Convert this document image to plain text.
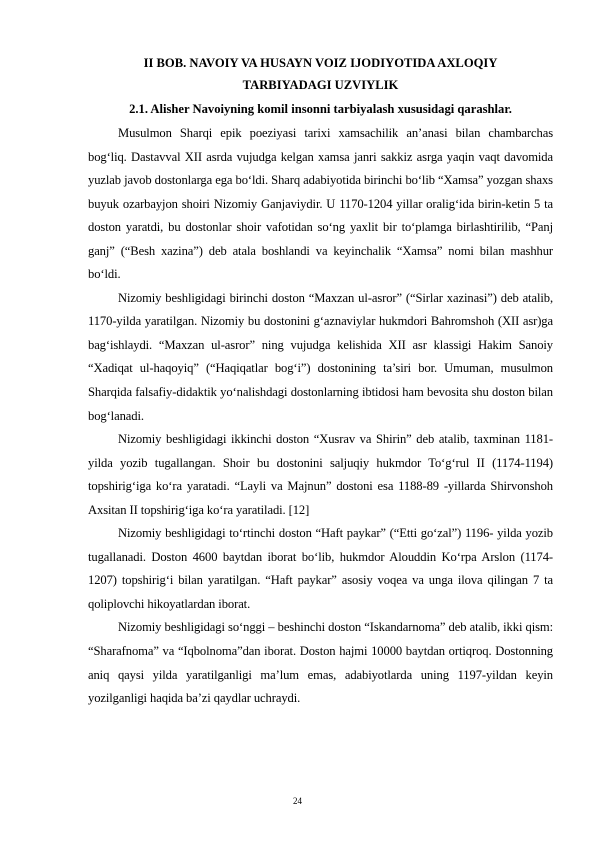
II BOB. NAVOIY VA HUSAYN VOIZ IJODIYOTIDA AXLOQIY
TARBIYADAGI UZVIYLIK
2.1. Alisher Navoiyning komil insonni tarbiyalash xususidagi qarashlar.

Musulmon Sharqi epik poeziyasi tarixi xamsachilik an’anasi bilan chambarchas bog‘liq. Dastavval XII asrda vujudga kelgan xamsa janri sakkiz asrga yaqin vaqt davomida yuzlab javob dostonlarga ega bo‘ldi. Sharq adabiyotida birinchi bo‘lib “Xamsa” yozgan shaxs buyuk ozarbayjon shoiri Nizomiy Ganjaviydir. U 1170-1204 yillar oralig‘ida birin-ketin 5 ta doston yaratdi, bu dostonlar shoir vafotidan so‘ng yaxlit bir to‘plamga birlashtirilib, “Panj ganj” (“Besh xazina”) deb atala boshlandi va keyinchalik “Xamsa” nomi bilan mashhur bo‘ldi.

Nizomiy beshligidagi birinchi doston “Maxzan ul-asror” (“Sirlar xazinasi”) deb atalib, 1170-yilda yaratilgan. Nizomiy bu dostonini g‘aznaviylar hukmdori Bahromshoh (XII asr)ga bag‘ishlaydi. “Maxzan ul-asror” ning vujudga kelishida XII asr klassigi Hakim Sanoiy “Xadiqat ul-haqoyiq” (“Haqiqatlar bog‘i”) dostonining ta’siri bor. Umuman, musulmon Sharqida falsafiy-didaktik yo‘nalishdagi dostonlarning ibtidosi ham bevosita shu doston bilan bog‘lanadi.

Nizomiy beshligidagi ikkinchi doston “Xusrav va Shirin” deb atalib, taxminan 1181-yilda yozib tugallangan. Shoir bu dostonini saljuqiy hukmdor To‘g‘rul II (1174-1194) topshirig‘iga ko‘ra yaratadi. “Layli va Majnun” dostoni esa 1188-89 -yillarda Shirvonshoh Axsitan II topshirig‘iga ko‘ra yaratiladi. [12]

Nizomiy beshligidagi to‘rtinchi doston “Haft paykar” (“Etti go‘zal”) 1196- yilda yozib tugallanadi. Doston 4600 baytdan iborat bo‘lib, hukmdor Alouddin Ko‘rpa Arslon (1174-1207) topshirig‘i bilan yaratilgan. “Haft paykar” asosiy voqea va unga ilova qilingan 7 ta qoliplovchi hikoyatlardan iborat.

Nizomiy beshligidagi so‘nggi – beshinchi doston “Iskandarnoma” deb atalib, ikki qism: “Sharafnoma” va “Iqbolnoma”dan iborat. Doston hajmi 10000 baytdan ortiqroq. Dostonning aniq qaysi yilda yaratilganligi ma’lum emas, adabiyotlarda uning 1197-yildan keyin yozilganligi haqida ba’zi qaydlar uchraydi.

24
